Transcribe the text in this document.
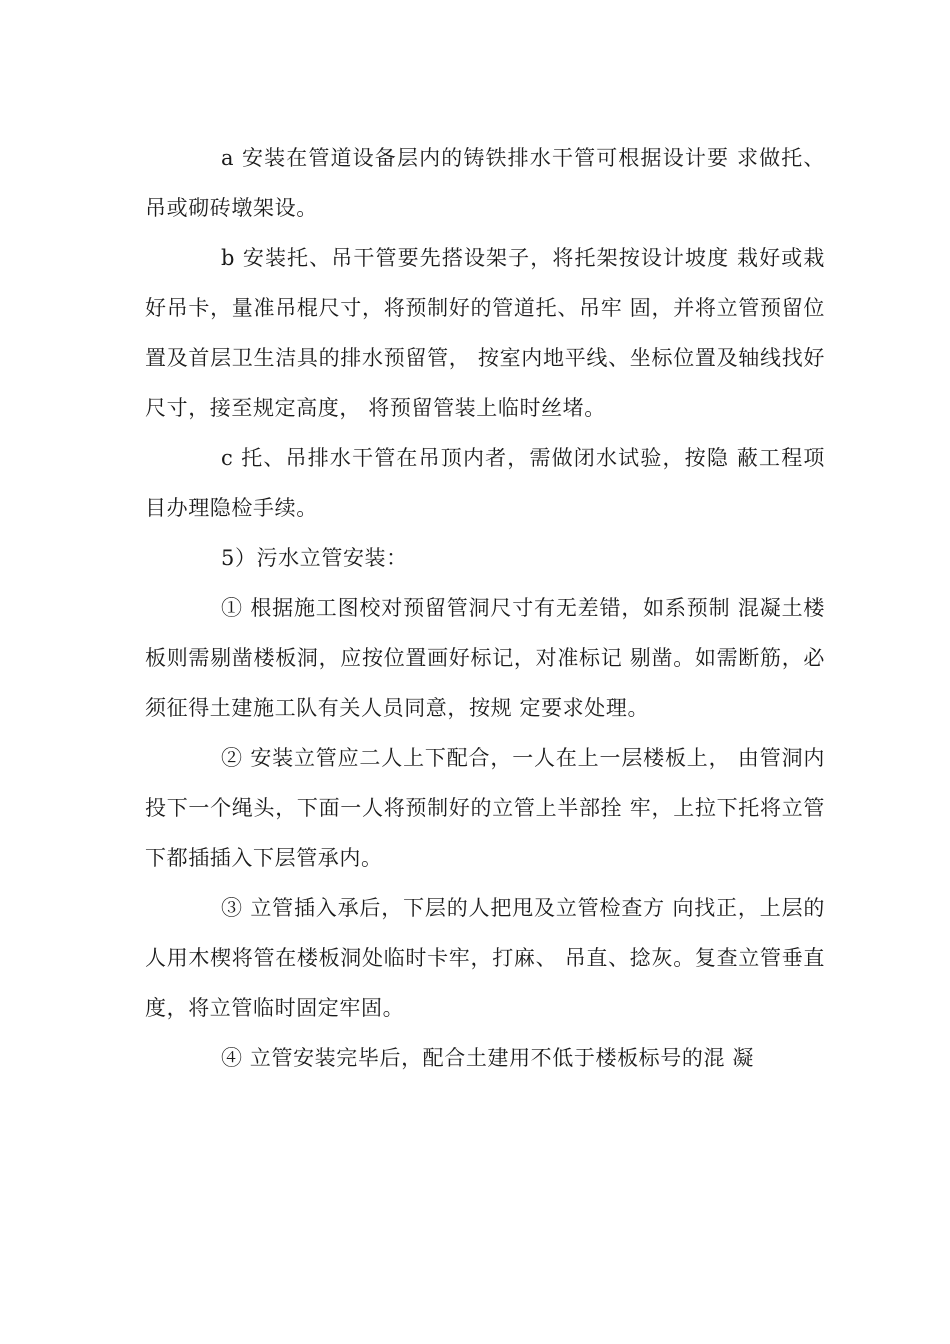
a 安装在管道设备层内的铸铁排水干管可根据设计要 求做托、吊或砌砖墩架设。

b 安装托、吊干管要先搭设架子，将托架按设计坡度 栽好或栽好吊卡，量准吊棍尺寸，将预制好的管道托、吊牢 固，并将立管预留位置及首层卫生洁具的排水预留管， 按室内地平线、坐标位置及轴线找好尺寸，接至规定高度， 将预留管装上临时丝堵。

c 托、吊排水干管在吊顶内者，需做闭水试验，按隐 蔽工程项目办理隐检手续。

5）污水立管安装：

① 根据施工图校对预留管洞尺寸有无差错，如系预制 混凝土楼板则需剔凿楼板洞，应按位置画好标记，对准标记 剔凿。如需断筋，必须征得土建施工队有关人员同意，按规 定要求处理。

② 安装立管应二人上下配合，一人在上一层楼板上， 由管洞内投下一个绳头，下面一人将预制好的立管上半部拴 牢，上拉下托将立管下都插插入下层管承内。

③ 立管插入承后，下层的人把甩及立管检查方 向找正，上层的人用木楔将管在楼板洞处临时卡牢，打麻、 吊直、捻灰。复查立管垂直度，将立管临时固定牢固。

④ 立管安装完毕后，配合土建用不低于楼板标号的混 凝
